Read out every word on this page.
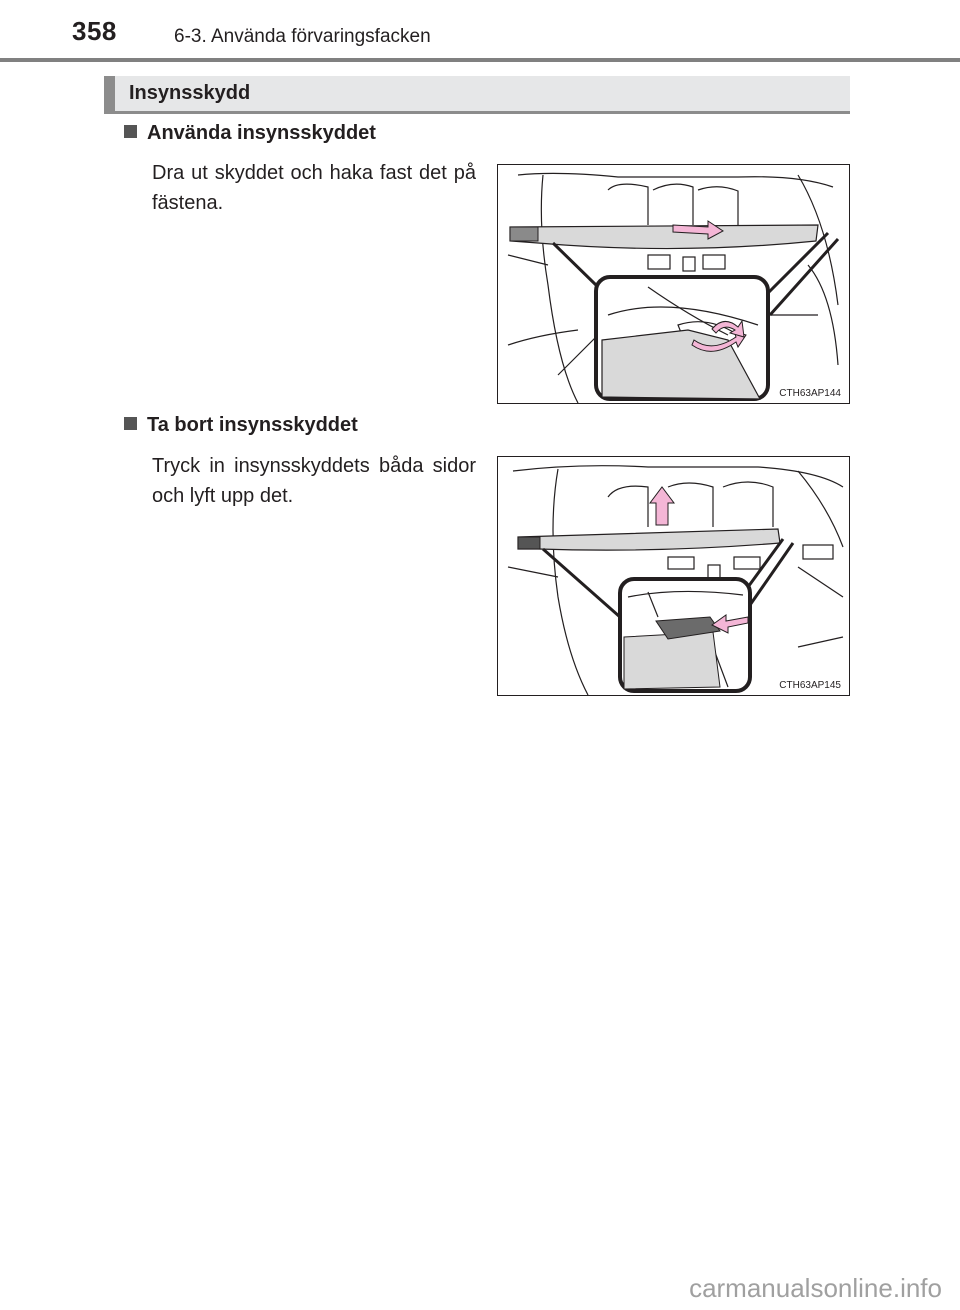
358	6-3. Använda förvaringsfacken
Insynsskydd
Använda insynsskyddet
Dra ut skyddet och haka fast det på fästena.
CTH63AP144
Ta bort insynsskyddet
Tryck in insynsskyddets båda sidor och lyft upp det.
CTH63AP145
carmanualsonline.info
